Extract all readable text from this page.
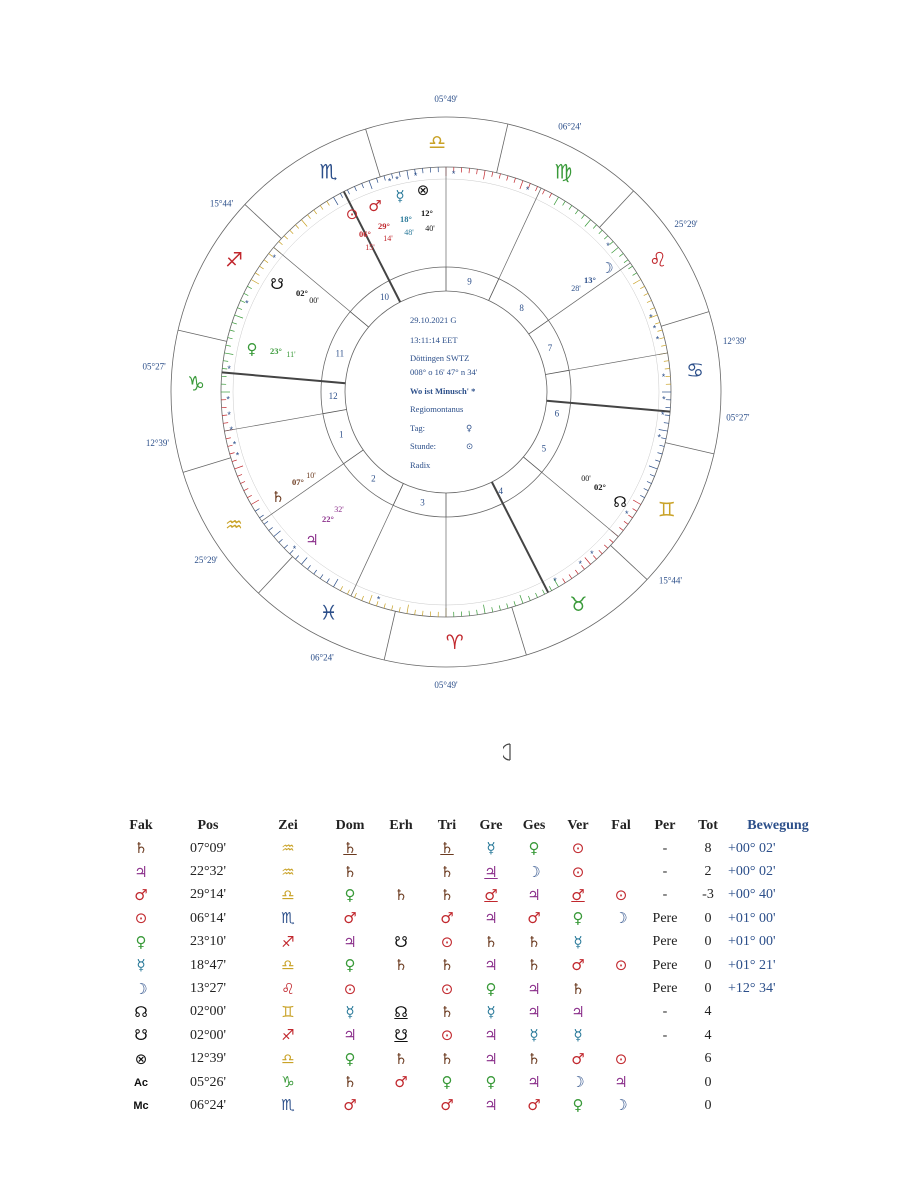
05°49'
06°24'
25°29'
12°39'
05°27'
15°44'
05°49'
06°24'
25°29'
12°39'
05°27'
15°44'
♎
♍
♌
♋
♊
♉
♈
♓
♒
♑
♐
♏
9
8
7
6
5
4
3
2
1
12
11
10
* * *	*
*
*
*
*
*
*
*
*
*
*
*
*
*
*
*
*
*
*
*
*
*
*
*
⊙
06°
15'
♂
29°
14'
☿
18°
48'
⊗
12°
40'
☽
13°
28'
☋ 02°
00'
♀ 23° 11'
♄
07°
10'
♃
22°
32'	☊
02°
00'
29.10.2021 G
13:11:14 EET
Döttingen SWTZ
008° o 16' 47° n 34'
Wo ist Minusch' *
Regiomontanus
Tag:	♀
Stunde:	⊙
Radix
Fak	Pos	Zei	Dom	Erh	Tri	Gre	Ges	Ver	Fal	Per	Tot	Bewegung
♄	07°09'	♒	♄		♄	☿	♀	⊙		-	8	+00° 02'
♃	22°32'	♒	♄		♄	♃	☽	⊙		-	2	+00° 02'
♂	29°14'	♎	♀	♄	♄	♂	♃	♂	⊙	-	-3	+00° 40'
⊙	06°14'	♏	♂		♂	♃	♂	♀	☽	Pere	0	+01° 00'
♀	23°10'	♐	♃	☋	⊙	♄	♄	☿		Pere	0	+01° 00'
☿	18°47'	♎	♀	♄	♄	♃	♄	♂	⊙	Pere	0	+01° 21'
☽	13°27'	♌	⊙		⊙	♀	♃	♄		Pere	0	+12° 34'
☊	02°00'	♊	☿	☊	♄	☿	♃	♃		-	4	
☋	02°00'	♐	♃	☋	⊙	♃	☿	☿		-	4	
⊗	12°39'	♎	♀	♄	♄	♃	♄	♂	⊙		6	
Ac	05°26'	♑	♄	♂	♀	♀	♃	☽	♃		0	
Mc	06°24'	♏	♂		♂	♃	♂	♀	☽		0	
